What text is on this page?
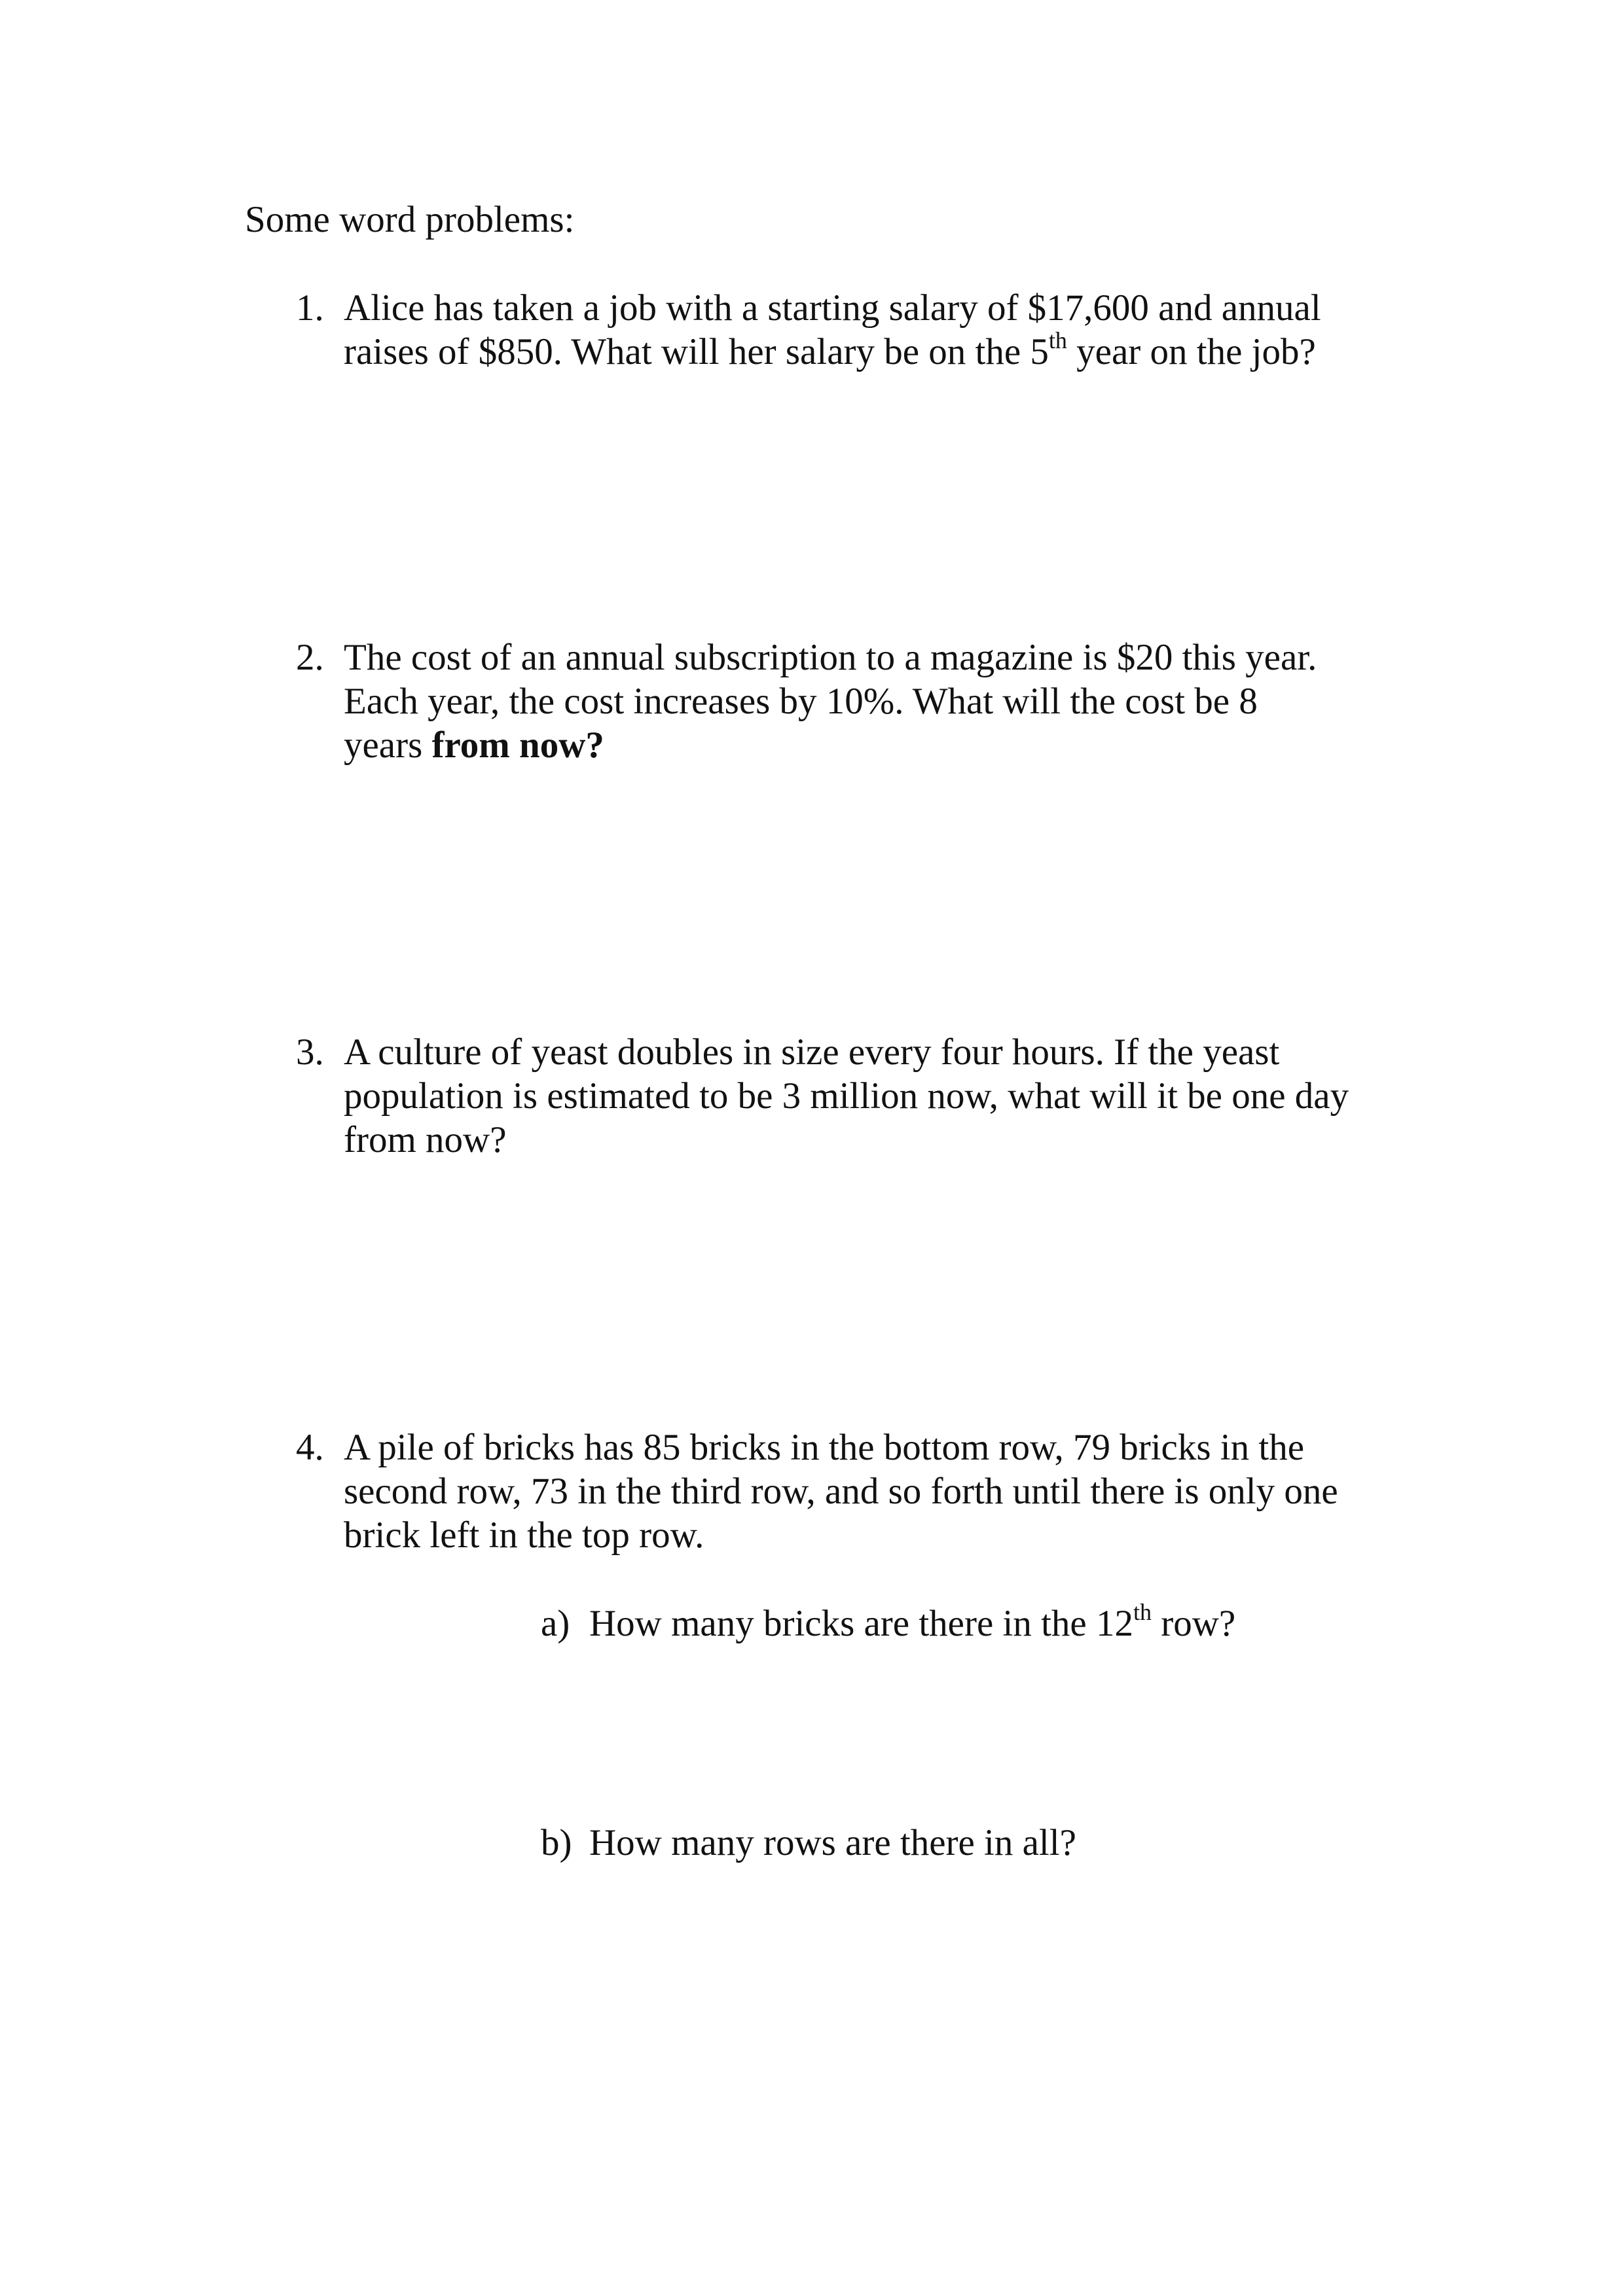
Some word problems:

1. Alice has taken a job with a starting salary of $17,600 and annual

raises of $850. What will her salary be on the 5th year on the job?

2. The cost of an annual subscription to a magazine is $20 this year.

Each year, the cost increases by 10%. What will the cost be 8

years from now?

3. A culture of yeast doubles in size every four hours. If the yeast

population is estimated to be 3 million now, what will it be one day

from now?

4. A pile of bricks has 85 bricks in the bottom row, 79 bricks in the

second row, 73 in the third row, and so forth until there is only one

brick left in the top row.

a) How many bricks are there in the 12th row?

b) How many rows are there in all?
